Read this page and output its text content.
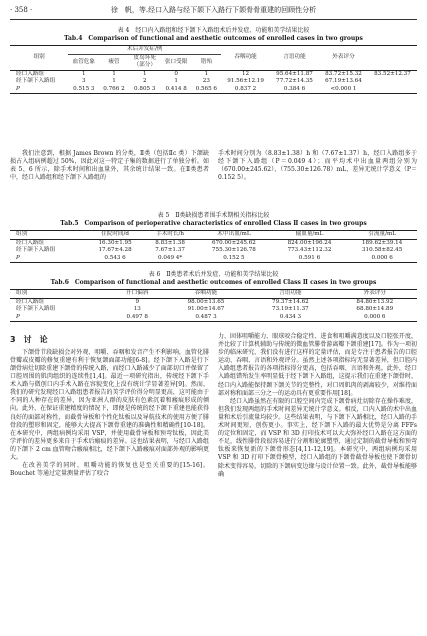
· 358 ·	徐　帆，等.经口入路与经下颌下入路行下颌骨骨重建的回顾性分析
表 4　经口内入路组和经下颌下入路组术后并发症、功能和美学结果比较
Tab.4　Comparison of functional and aesthetic outcomes of enrolled cases in two groups
组别	术后并发症/例					吞咽功能	言语功能	外表评分	
	血管危象	瘘管	皮岛坏死（部分）	张口受限	错殆				
经口入路组	1	1	1	0	1	12	95.64±11.87	83.72±15.32	83.52±12.37
经下颌下入路组	3	1	2	1	23	91.56±12.19	77.72±14.35	67.19±13.64	
P	0.515 3	0.766 2	0.805 3	0.414 8	0.565 6	0.837 2	0.384 6	<0.000 1	

我们注意到，根据 James Brown 的分类，Ⅱ类（包括Ⅱc 类）下颌缺损占入组病例超过 50%，因此对这一特定子集的数据进行了单独分析。如表 5、6 所示，除手术时间和出血量外，其余统计结果一致。在Ⅱ类患者中，经口入路组和经下颌下入路组的

手术时间分别为（8.83±1.38）h 和（7.67±1.37）h，经口入路组多于经下颌下入路组（P＝0.049 4）；而平均术中出血量两组分别为（670.00±245.62）、（755.30±126.78）mL，差异无统计学意义（P＝0.152 5）。

表 5　Ⅱ类缺损患者围手术期相关指标比较
Tab.5　Comparison of perioperative characteristics of enrolled Class Ⅱ cases in two groups
组别	住院时间/d	手术时长/h	术中出血/mL	输血量/mL	引流量/mL
经口入路组	16.30±1.95	8.83±1.38	670.00±245.62	824.00±196.24	189.62±39.14
经下颌下入路组	17.67±4.28	7.67±1.37	755.30±126.78	773.43±112.32	310.58±82.45
P	0.543 6	0.049 4*	0.152 5	0.591 6	0.000 6
表 6　Ⅱ类患者术后并发症、功能和美学结果比较
Tab.6　Comparison of functional and aesthetic outcomes of enrolled Class Ⅱ cases in two groups
组别	开口偏斜	吞咽功能	言语功能	外表评分
经口入路组	9	98.00±13.65	79.37±14.62	84.80±13.92
经下颌下入路组	13	91.00±14.67	73.19±11.37	68.80±14.89
P	0.497 8	0.487 3	0.434 3	0.000 6
3　讨　论

下颌骨节段缺损会对外观、咀嚼、吞咽和发音产生不利影响，血管化腓骨瓣或皮瓣的修复重建有利于恢复颌面部功能[6-8]。经下颌下入路是行下颌骨病灶切除重建下颌骨的传统入路，而经口入路减少了面部切口并保留了口腔周围的肌肉组织的连续性[1,4]。最近一项研究指出，传统经下颌下手术入路与微创口内手术入路在容貌变化上没有统计学显著差异[9]。然而，我们的研究发现经口入路组患者报告的美学评价得分明显更高，这可能由于不同的人种存在的差异，因为亚洲人群的皮肤有色素沉着和瘢痕形成的倾向。此外，在保证重建精度的情况下，即便是传统的经下颌下重建也能获得良好的面部对称性，而截骨导板和个性化钛板以及导航技术的使用方便了腓骨段的塑形和固定，能够大大提高下颌骨重建的准确性和精确性[10-18]。在本研究中，两组病例均采用 VSP，并使用截骨导板和预弯钛板，因此美学评价的差异更多来自于手术后瘢痕的差异。这也结果表明，与经口入路组的下颌下 2 cm 血管吻合瘢痕相比，经下颌下入路瘢痕对面部外观的影响更大。

在改善美学的同时，咀嚼功能的恢复也是至关重要的[15-16]。Bouchet 等通过定量测量评估了咬合

力、固体咀嚼能力、眼球咬合稳定性、进食和咀嚼满意度以及口腔张开度，并比较了计算机辅助与传统的微血管腓骨游离瓣下颌重建[17]。作为一项初步的临床研究，我们没有进行这样的定量评估，而是专注于患者报告的口腔运动、吞咽、言语和外观评分。虽然上述各项指标均无显著差异，但口腔内入路组患者报告的各项指标得分更高，包括吞咽、言语和外观。此外，经口入路组错殆发生率明显低于经下颌下入路组，这提示我们在重建下颌骨时，经口内入路能保持颞下颌关节的完整性，对口周肌肉的剥离较少，对维持面部对称和面部三分之一的运动具有更重要作用[18]。

经口入路虽然在有限的口腔空间内完成下颌骨病灶切除存在操作难度，但我们发现两组的手术时间差异无统计学意义。相反，口内入路的术中出血量和术后引流量均较少。这些结果表明，与下颌下入路相比，经口入路的手术时间更短，创伤更小。事实上，经下颌下入路的最大优势是分离 FFFs 的定位和固定，而 VSP 和 3D 打印技术可以大大弥补经口入路在这方面的不足，线性腓骨段很容易进行分割和轮廓塑型，通过定制的截骨导板和预弯钛板来恢复新的下颌骨形态[4,11-12,19]。本研究中，两组病例均采用 VSP 和 3D 打印下颌骨模型，经口入路组的下颌骨截骨导板也使下颌骨切除术变得容易，切除的下颌病变边缘与设计位置一致。此外，截骨导板能够确
